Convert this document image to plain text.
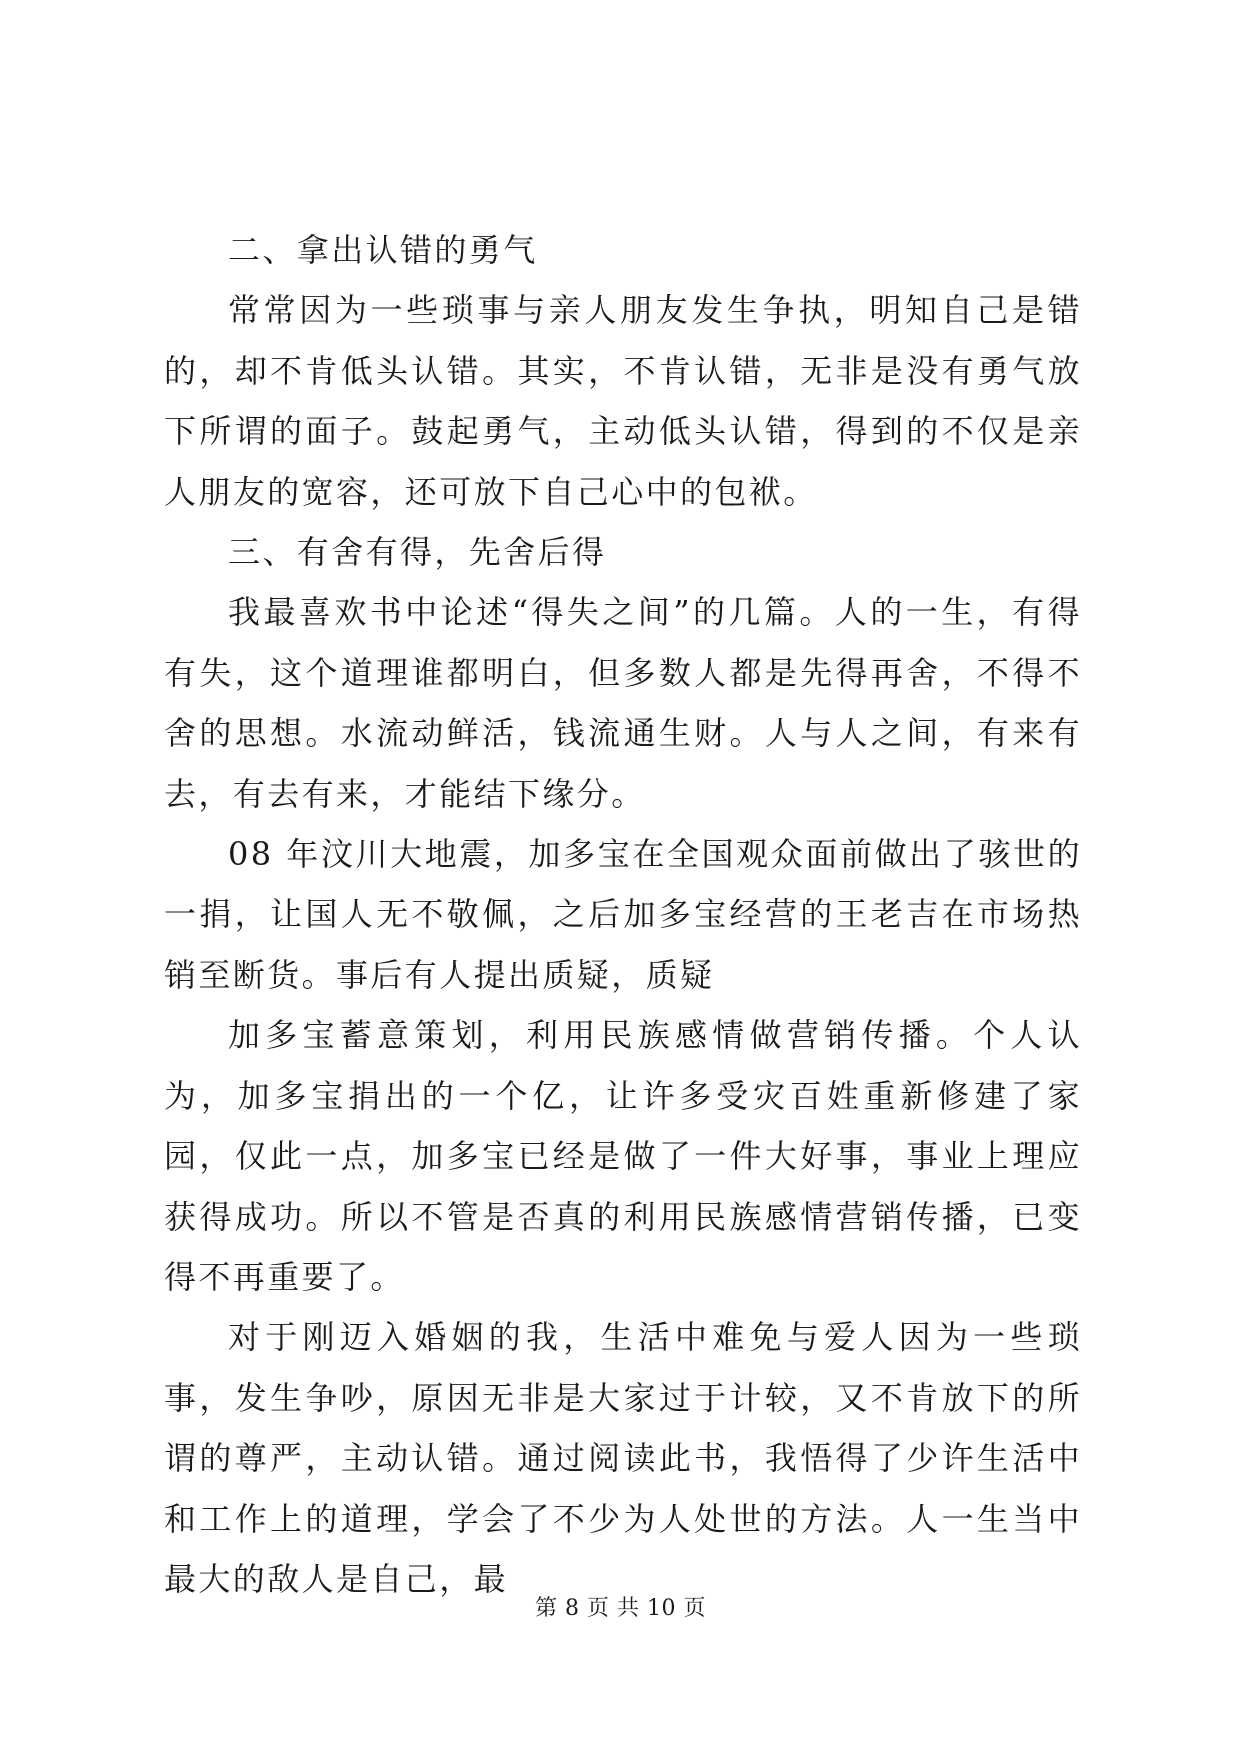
二、拿出认错的勇气

常常因为一些琐事与亲人朋友发生争执，明知自己是错的，却不肯低头认错。其实，不肯认错，无非是没有勇气放下所谓的面子。鼓起勇气，主动低头认错，得到的不仅是亲人朋友的宽容，还可放下自己心中的包袱。

三、有舍有得，先舍后得

我最喜欢书中论述“得失之间”的几篇。人的一生，有得有失，这个道理谁都明白，但多数人都是先得再舍，不得不舍的思想。水流动鲜活，钱流通生财。人与人之间，有来有去，有去有来，才能结下缘分。

08 年汶川大地震，加多宝在全国观众面前做出了骇世的一捐，让国人无不敬佩，之后加多宝经营的王老吉在市场热销至断货。事后有人提出质疑，质疑

加多宝蓄意策划，利用民族感情做营销传播。个人认为，加多宝捐出的一个亿，让许多受灾百姓重新修建了家园，仅此一点，加多宝已经是做了一件大好事，事业上理应获得成功。所以不管是否真的利用民族感情营销传播，已变得不再重要了。

对于刚迈入婚姻的我，生活中难免与爱人因为一些琐事，发生争吵，原因无非是大家过于计较，又不肯放下的所谓的尊严，主动认错。通过阅读此书，我悟得了少许生活中和工作上的道理，学会了不少为人处世的方法。人一生当中最大的敌人是自己，最

第 8 页 共 10 页
